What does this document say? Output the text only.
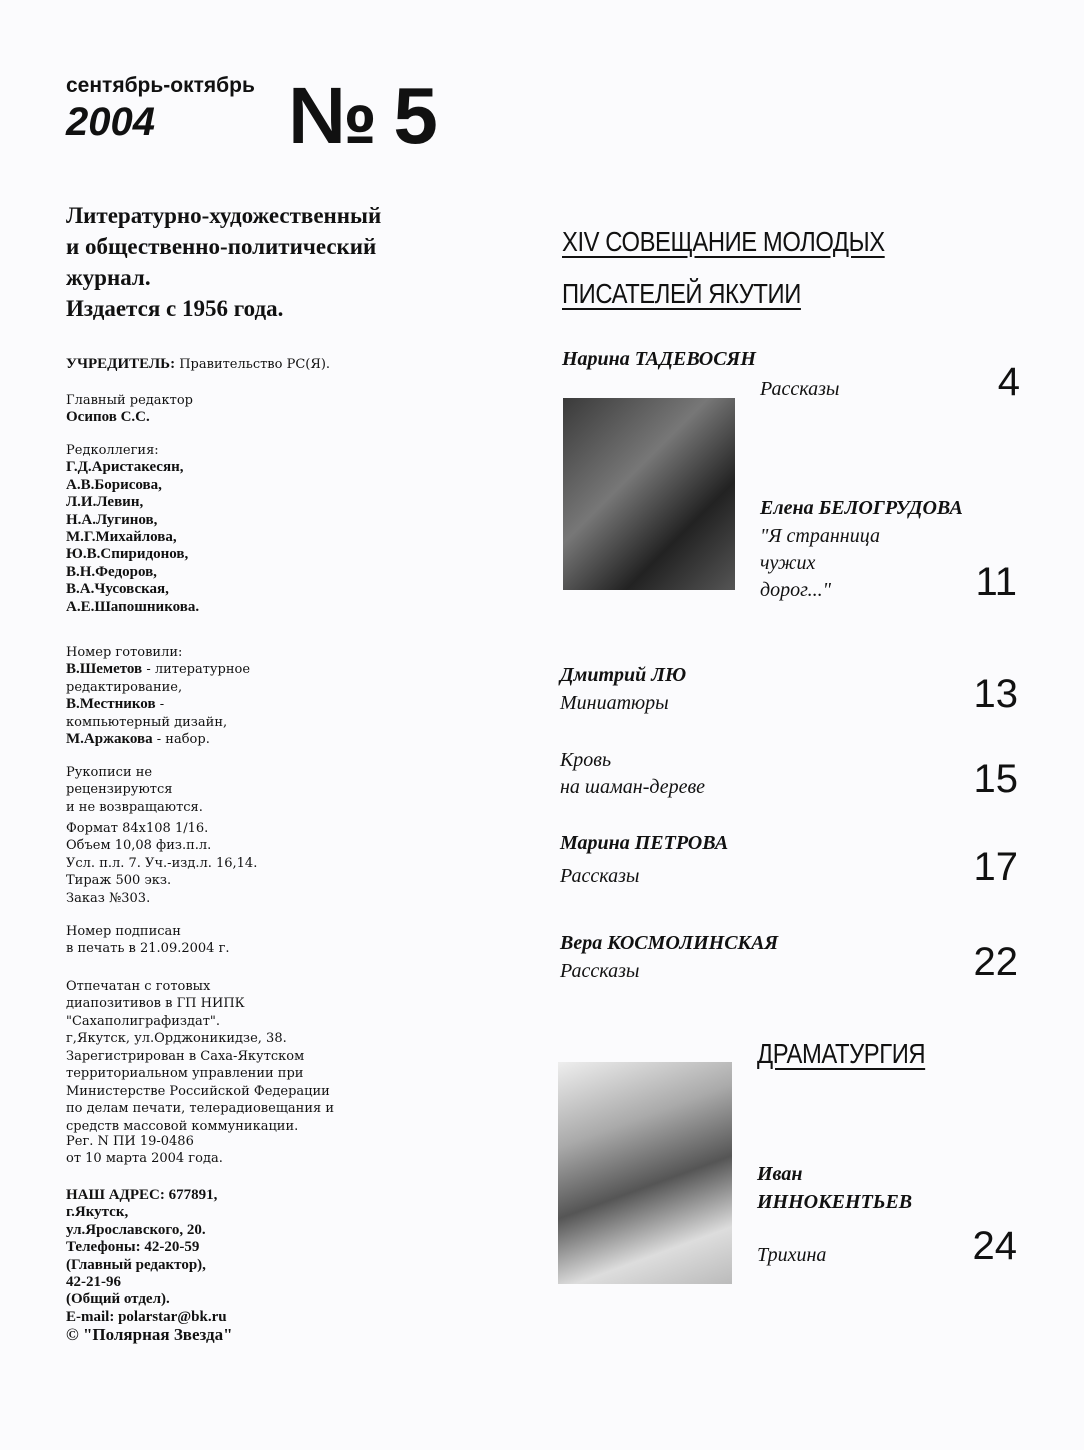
сентябрь-октябрь
2004 № 5
Литературно-художественный
и общественно-политический
журнал.
Издается с 1956 года.
УЧРЕДИТЕЛЬ: Правительство РС(Я).
Главный редактор
Осипов С.С.
Редколлегия:
Г.Д.Аристакесян,
А.В.Борисова,
Л.И.Левин,
Н.А.Лугинов,
М.Г.Михайлова,
Ю.В.Спиридонов,
В.Н.Федоров,
В.А.Чусовская,
А.Е.Шапошникова.
Номер готовили:
В.Шеметов - литературное редактирование,
В.Местников - компьютерный дизайн,
М.Аржакова - набор.
Рукописи не
рецензируются
и не возвращаются.
Формат 84х108 1/16.
Объем 10,08 физ.п.л.
Усл. п.л. 7. Уч.-изд.л. 16,14.
Тираж 500 экз.
Заказ №303.
Номер подписан
в печать в 21.09.2004 г.
Отпечатан с готовых
диапозитивов в ГП НИПК
"Сахаполиграфиздат".
г,Якутск, ул.Орджоникидзе, 38.
Зарегистрирован в Саха-Якутском
территориальном управлении при
Министерстве Российской Федерации
по делам печати, телерадиовещания и
средств массовой коммуникации.
Рег. N ПИ 19-0486
от 10 марта 2004 года.
НАШ АДРЕС: 677891,
г.Якутск,
ул.Ярославского, 20.
Телефоны: 42-20-59
(Главный редактор),
42-21-96
(Общий отдел).
E-mail: polarstar@bk.ru
© "Полярная Звезда"
XIV СОВЕЩАНИЕ МОЛОДЫХ
ПИСАТЕЛЕЙ ЯКУТИИ
Нарина ТАДЕВОСЯН
Рассказы	4
Елена БЕЛОГРУДОВА
"Я странница
чужих
дорог..."	11
Дмитрий ЛЮ
Миниатюры	13
Кровь
на шаман-дереве	15
Марина ПЕТРОВА
Рассказы	17
Вера КОСМОЛИНСКАЯ
Рассказы	22
ДРАМАТУРГИЯ
Иван
ИННОКЕНТЬЕВ
Трихина	24
